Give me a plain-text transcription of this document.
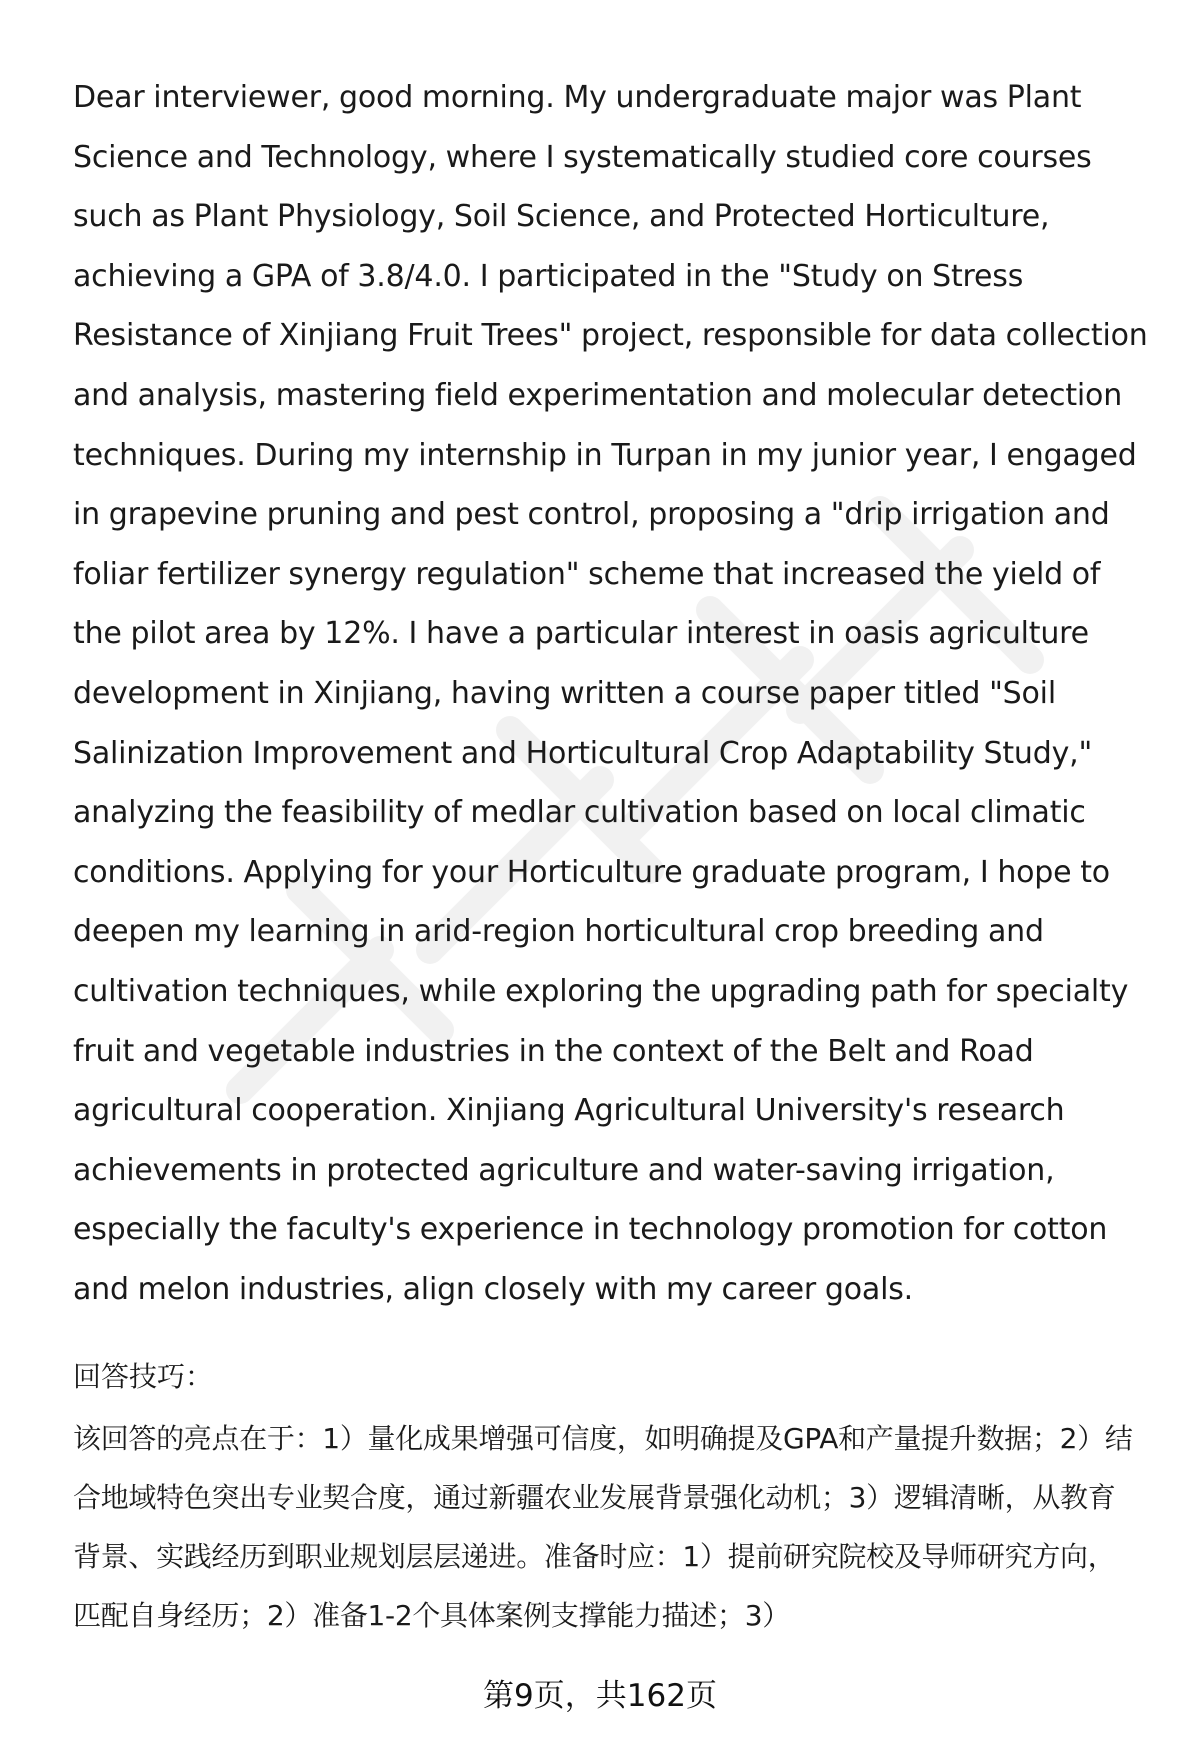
Dear interviewer, good morning. My undergraduate major was Plant Science and Technology, where I systematically studied core courses such as Plant Physiology, Soil Science, and Protected Horticulture, achieving a GPA of 3.8/4.0. I participated in the "Study on Stress Resistance of Xinjiang Fruit Trees" project, responsible for data collection and analysis, mastering field experimentation and molecular detection techniques. During my internship in Turpan in my junior year, I engaged in grapevine pruning and pest control, proposing a "drip irrigation and foliar fertilizer synergy regulation" scheme that increased the yield of the pilot area by 12%. I have a particular interest in oasis agriculture development in Xinjiang, having written a course paper titled "Soil Salinization Improvement and Horticultural Crop Adaptability Study," analyzing the feasibility of medlar cultivation based on local climatic conditions. Applying for your Horticulture graduate program, I hope to deepen my learning in arid-region horticultural crop breeding and cultivation techniques, while exploring the upgrading path for specialty fruit and vegetable industries in the context of the Belt and Road agricultural cooperation. Xinjiang Agricultural University's research achievements in protected agriculture and water-saving irrigation, especially the faculty's experience in technology promotion for cotton and melon industries, align closely with my career goals.

回答技巧：

该回答的亮点在于：1）量化成果增强可信度，如明确提及GPA和产量提升数据；2）结合地域特色突出专业契合度，通过新疆农业发展背景强化动机；3）逻辑清晰，从教育背景、实践经历到职业规划层层递进。准备时应：1）提前研究院校及导师研究方向，匹配自身经历；2）准备1-2个具体案例支撑能力描述；3）

第9页，共162页
